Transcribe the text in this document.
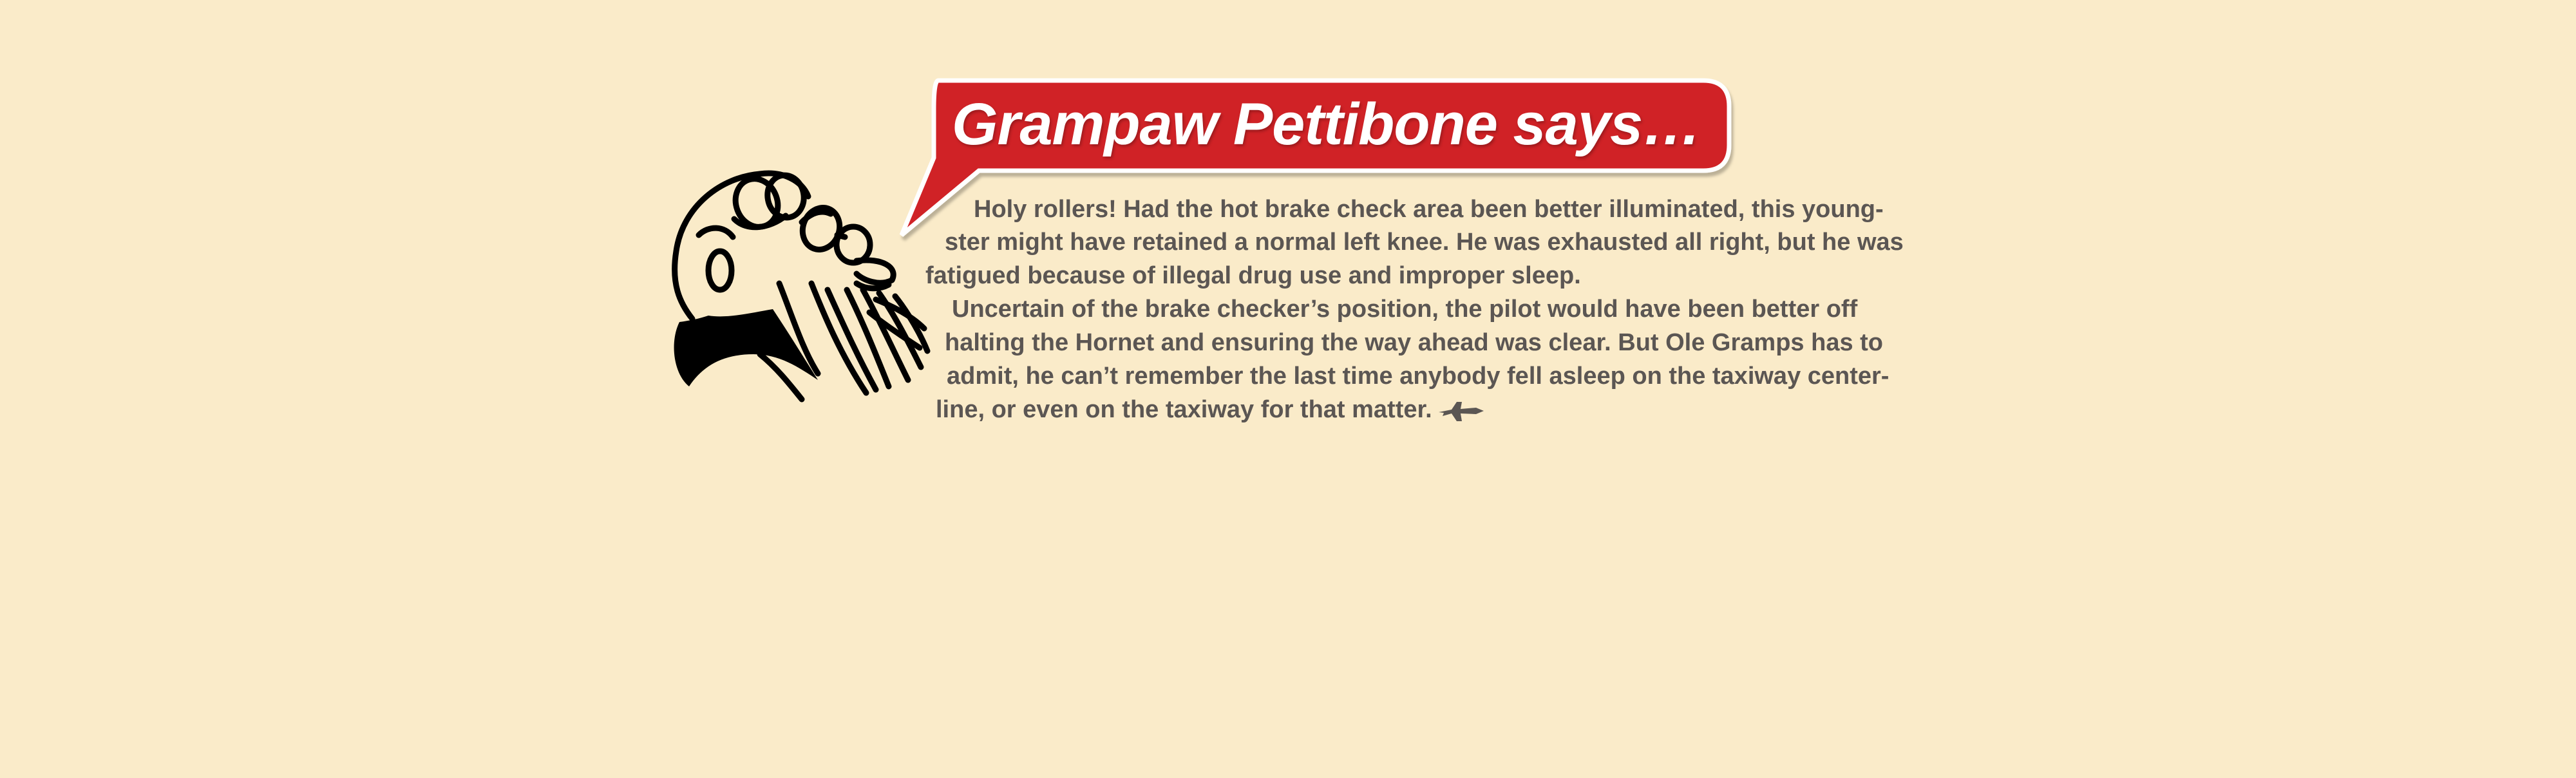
Grampaw Pettibone says…
Holy rollers! Had the hot brake check area been better illuminated, this young-
ster might have retained a normal left knee. He was exhausted all right, but he was
fatigued because of illegal drug use and improper sleep.
Uncertain of the brake checker’s position, the pilot would have been better off
halting the Hornet and ensuring the way ahead was clear. But Ole Gramps has to
admit, he can’t remember the last time anybody fell asleep on the taxiway center-
line, or even on the taxiway for that matter.
